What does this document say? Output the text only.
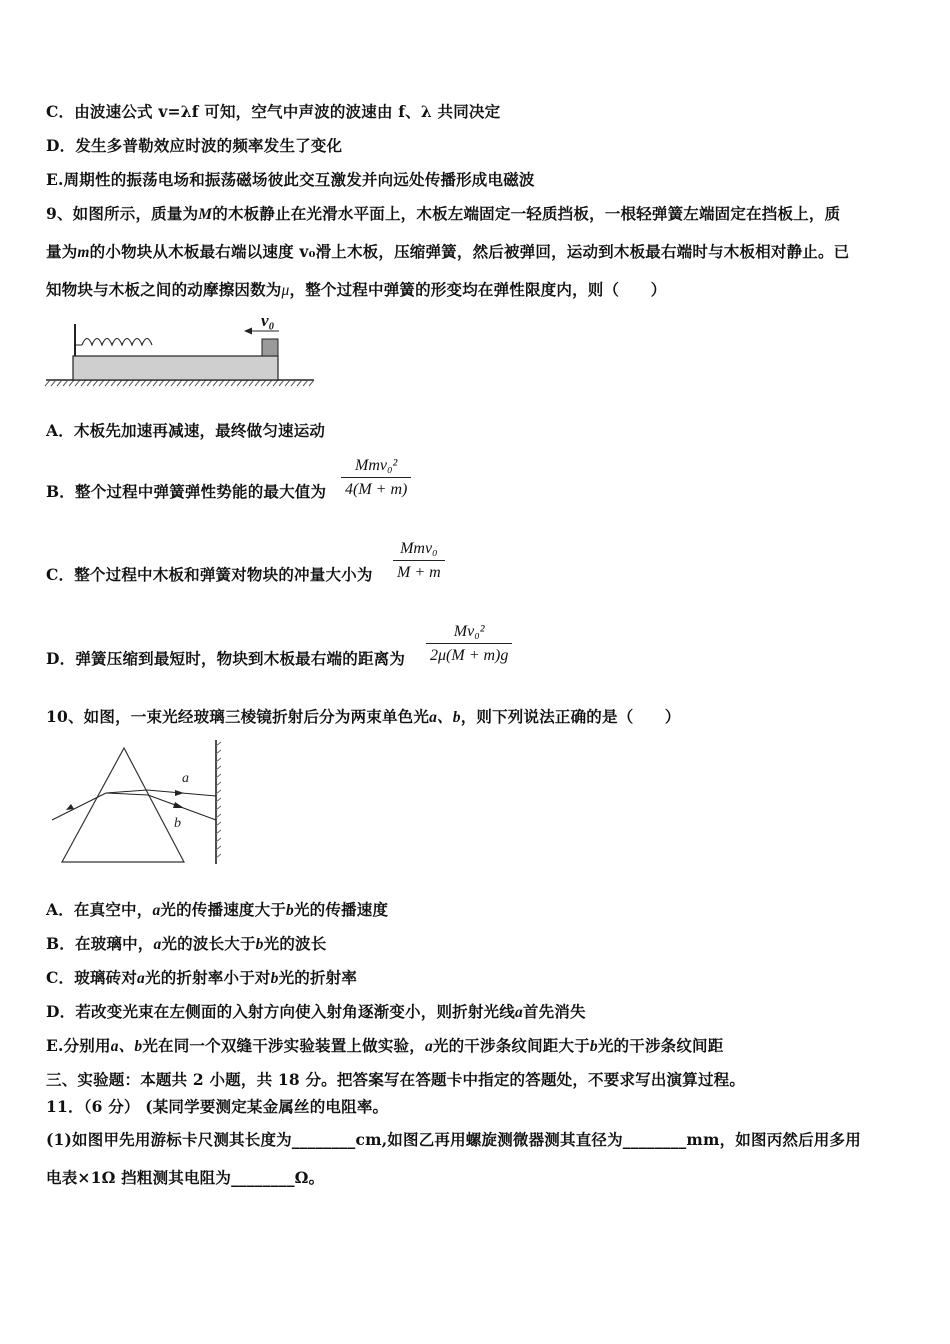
C．由波速公式 v=λf 可知，空气中声波的波速由 f、λ 共同决定
D．发生多普勒效应时波的频率发生了变化
E.周期性的振荡电场和振荡磁场彼此交互激发并向远处传播形成电磁波
9、如图所示，质量为M的木板静止在光滑水平面上，木板左端固定一轻质挡板，一根轻弹簧左端固定在挡板上，质
量为m的小物块从木板最右端以速度 v₀滑上木板，压缩弹簧，然后被弹回，运动到木板最右端时与木板相对静止。已
知物块与木板之间的动摩擦因数为μ，整个过程中弹簧的形变均在弹性限度内，则（　　）
v₀
A．木板先加速再减速，最终做匀速运动
B．整个过程中弹簧弹性势能的最大值为
Mmv₀²
4(M + m)
C．整个过程中木板和弹簧对物块的冲量大小为
Mmv₀
M + m
D．弹簧压缩到最短时，物块到木板最右端的距离为
Mv₀²
2μ(M + m)g
10、如图，一束光经玻璃三棱镜折射后分为两束单色光a、b，则下列说法正确的是（　　）
a
b
A．在真空中，a光的传播速度大于b光的传播速度
B．在玻璃中，a光的波长大于b光的波长
C．玻璃砖对a光的折射率小于对b光的折射率
D．若改变光束在左侧面的入射方向使入射角逐渐变小，则折射光线a首先消失
E.分别用a、b光在同一个双缝干涉实验装置上做实验，a光的干涉条纹间距大于b光的干涉条纹间距
三、实验题：本题共 2 小题，共 18 分。把答案写在答题卡中指定的答题处，不要求写出演算过程。
11．（6 分） (某同学要测定某金属丝的电阻率。
(1)如图甲先用游标卡尺测其长度为________cm,如图乙再用螺旋测微器测其直径为________mm，如图丙然后用多用
电表×1Ω 挡粗测其电阻为________Ω。
